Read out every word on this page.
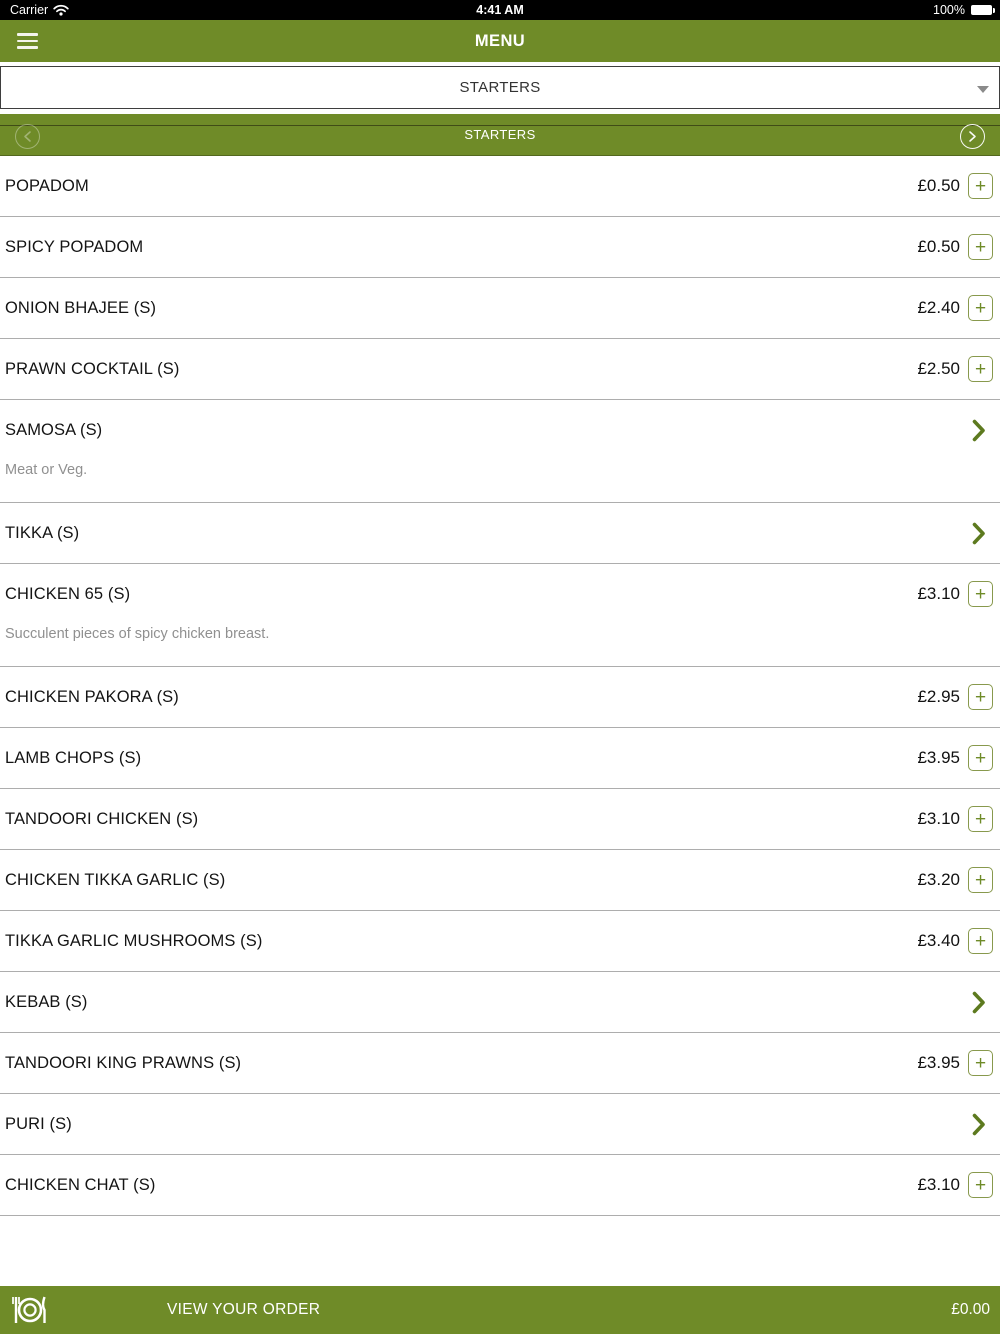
Carrier	4:41 AM	100%
MENU
STARTERS
STARTERS
POPADOM	£0.50 +
SPICY POPADOM	£0.50 +
ONION BHAJEE (S)	£2.40 +
PRAWN COCKTAIL (S)	£2.50 +
SAMOSA (S)
Meat or Veg.
TIKKA (S)
CHICKEN 65 (S)	£3.10 +
Succulent pieces of spicy chicken breast.
CHICKEN PAKORA (S)	£2.95 +
LAMB CHOPS (S)	£3.95 +
TANDOORI CHICKEN (S)	£3.10 +
CHICKEN TIKKA GARLIC (S)	£3.20 +
TIKKA GARLIC MUSHROOMS (S)	£3.40 +
KEBAB (S)
TANDOORI KING PRAWNS (S)	£3.95 +
PURI (S)
CHICKEN CHAT (S)	£3.10 +
VIEW YOUR ORDER	£0.00
